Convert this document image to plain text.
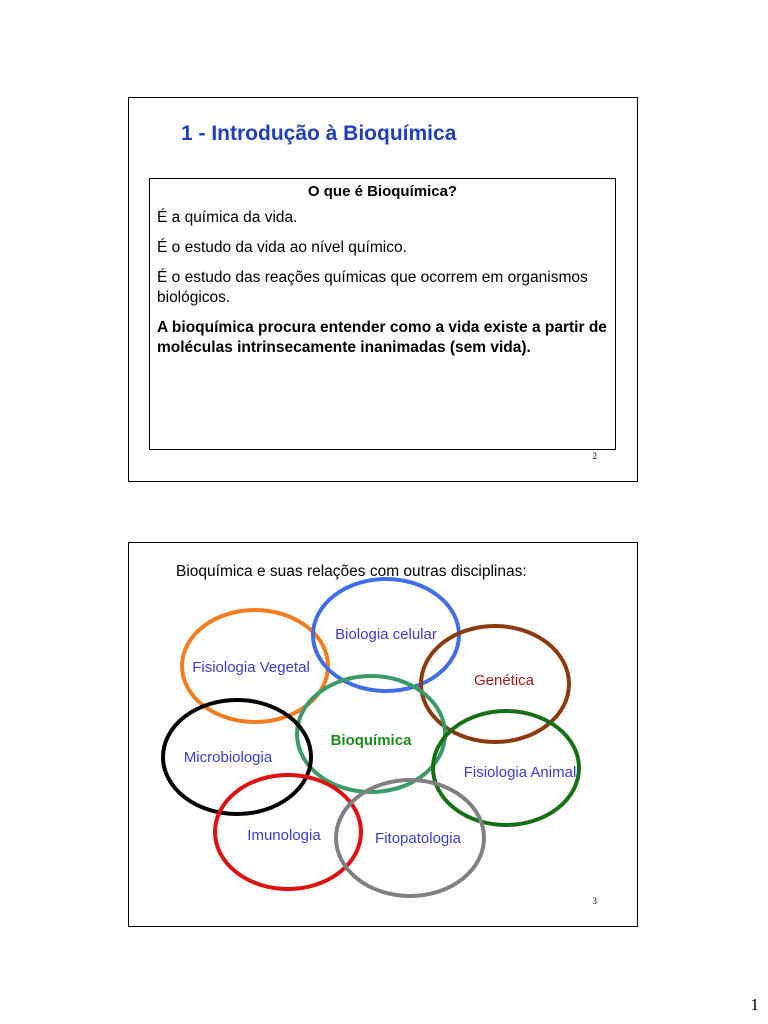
1 - Introdução à Bioquímica
O que é Bioquímica?

É a química da vida.

É o estudo da vida ao nível químico.

É o estudo das reações químicas que ocorrem em organismos biológicos.

A bioquímica procura entender como a vida existe a partir de moléculas intrinsecamente inanimadas (sem vida).

2
Bioquímica e suas relações com outras disciplinas:
Fisiologia Vegetal
Biologia celular
Genética
Bioquímica
Microbiologia
Fisiologia Animal
Imunologia	Fitopatologia
3
1
